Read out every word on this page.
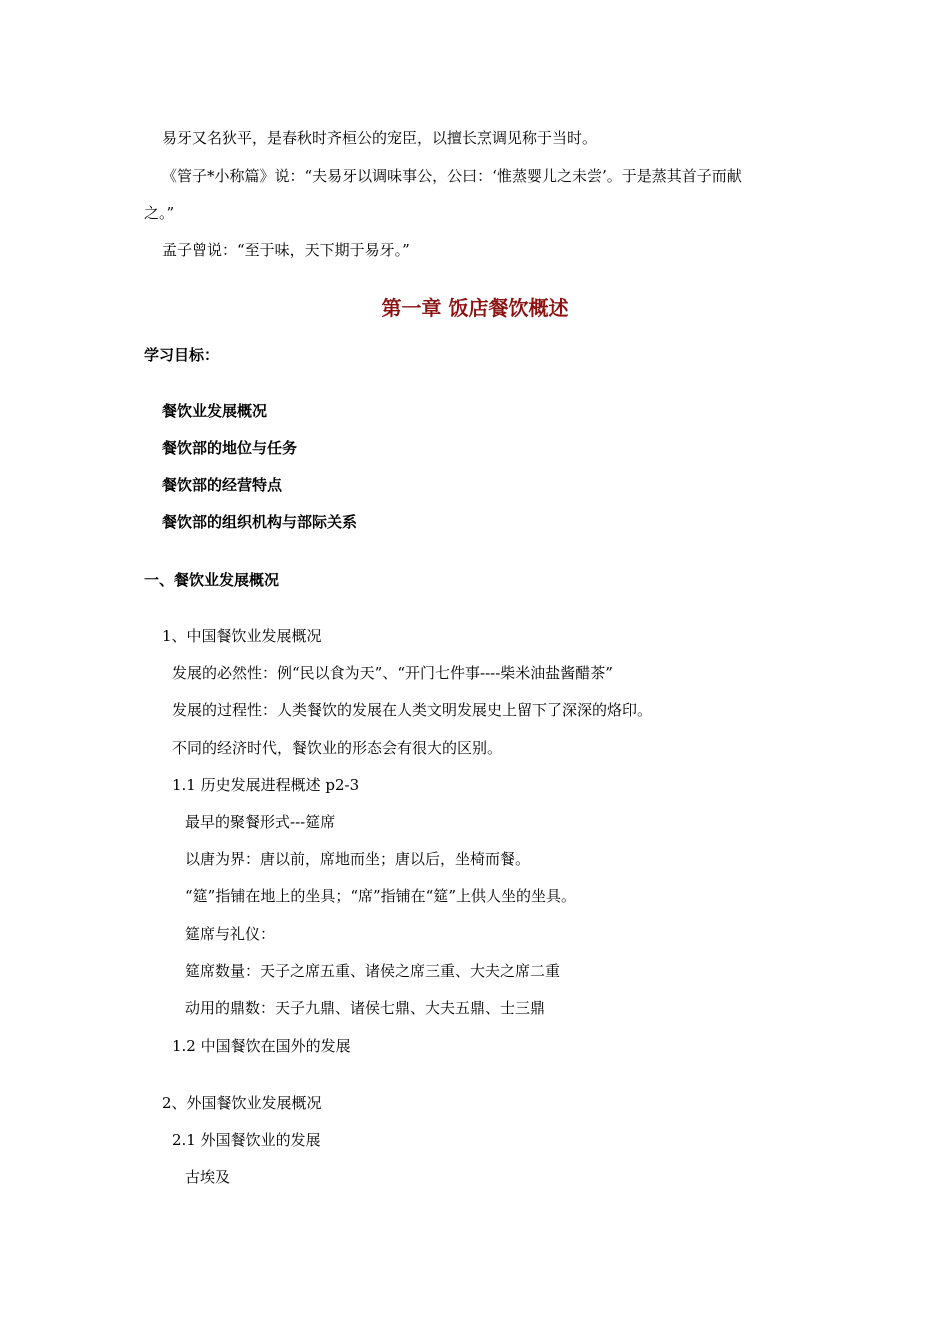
易牙又名狄平，是春秋时齐桓公的宠臣，以擅长烹调见称于当时。
《管子*小称篇》说：“夫易牙以调味事公，公曰：‘惟蒸婴儿之未尝’。于是蒸其首子而献
之。”
孟子曾说：“至于味，天下期于易牙。”
第一章 饭店餐饮概述
学习目标：
餐饮业发展概况
餐饮部的地位与任务
餐饮部的经营特点
餐饮部的组织机构与部际关系
一、餐饮业发展概况
1、中国餐饮业发展概况
发展的必然性：例“民以食为天”、“开门七件事----柴米油盐酱醋茶”
发展的过程性：人类餐饮的发展在人类文明发展史上留下了深深的烙印。
不同的经济时代，餐饮业的形态会有很大的区别。
1.1 历史发展进程概述 p2-3
最早的聚餐形式---筵席
以唐为界：唐以前，席地而坐；唐以后，坐椅而餐。
“筵”指铺在地上的坐具；“席”指铺在“筵”上供人坐的坐具。
筵席与礼仪：
筵席数量：天子之席五重、诸侯之席三重、大夫之席二重
动用的鼎数：天子九鼎、诸侯七鼎、大夫五鼎、士三鼎
1.2 中国餐饮在国外的发展
2、外国餐饮业发展概况
2.1 外国餐饮业的发展
古埃及
